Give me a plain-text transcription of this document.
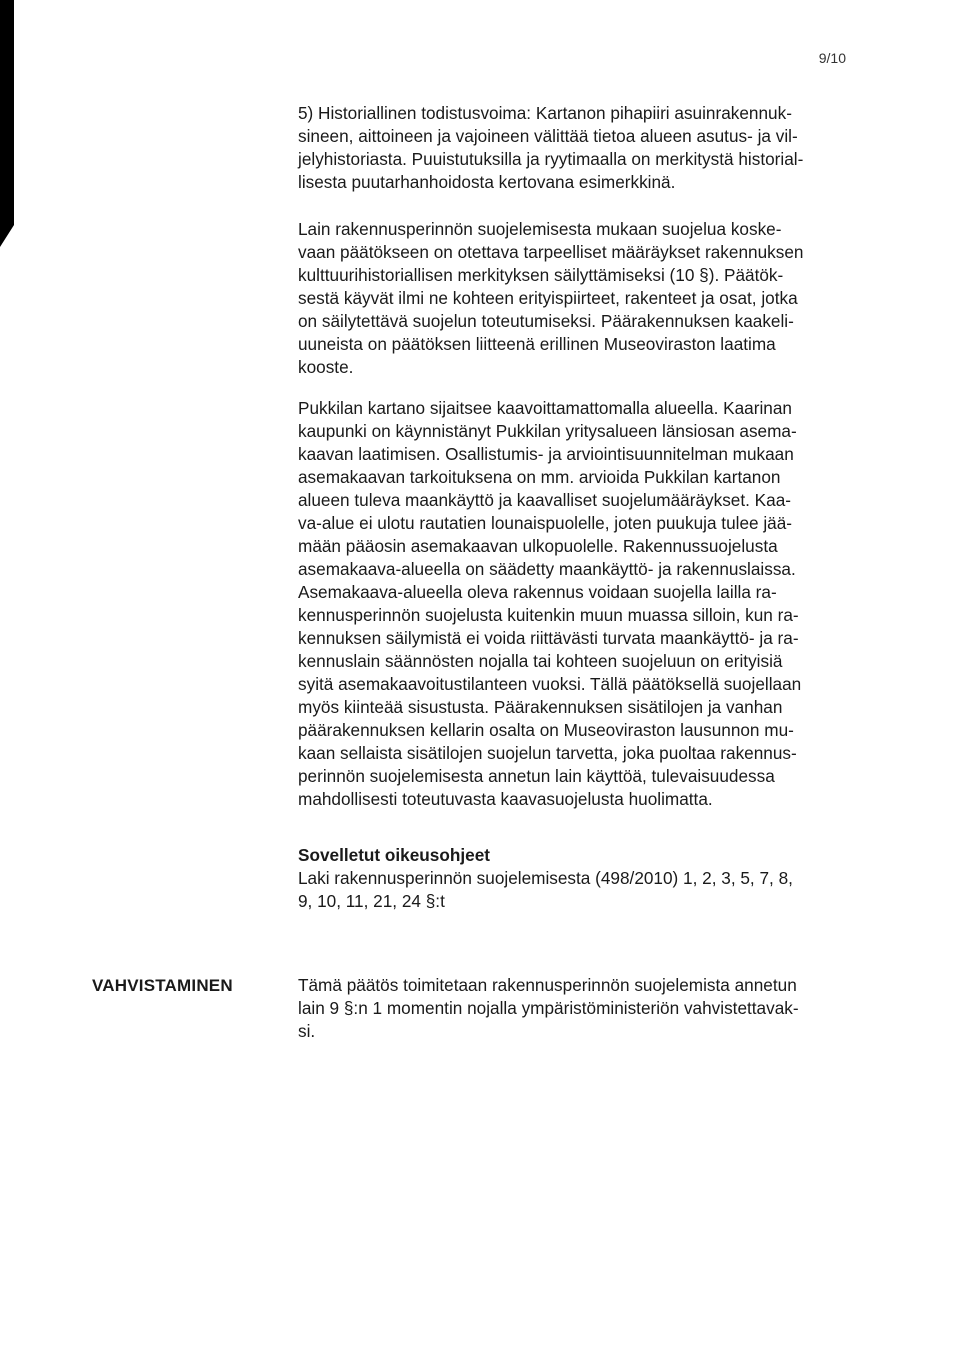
9/10

5) Historiallinen todistusvoima: Kartanon pihapiiri asuinrakennuk-
sineen, aittoineen ja vajoineen välittää tietoa alueen asutus- ja vil-
jelyhistoriasta. Puuistutuksilla ja ryytimaalla on merkitystä historial-
lisesta puutarhanhoidosta kertovana esimerkkinä.

Lain rakennusperinnön suojelemisesta mukaan suojelua koske-
vaan päätökseen on otettava tarpeelliset määräykset rakennuksen
kulttuurihistoriallisen merkityksen säilyttämiseksi (10 §). Päätök-
sestä käyvät ilmi ne kohteen erityispiirteet, rakenteet ja osat, jotka
on säilytettävä suojelun toteutumiseksi. Päärakennuksen kaakeli-
uuneista on päätöksen liitteenä erillinen Museoviraston laatima
kooste.

Pukkilan kartano sijaitsee kaavoittamattomalla alueella. Kaarinan
kaupunki on käynnistänyt Pukkilan yritysalueen länsiosan asema-
kaavan laatimisen. Osallistumis- ja arviointisuunnitelman mukaan
asemakaavan tarkoituksena on mm. arvioida Pukkilan kartanon
alueen tuleva maankäyttö ja kaavalliset suojelumääräykset. Kaa-
va-alue ei ulotu rautatien lounaispuolelle, joten puukuja tulee jää-
mään pääosin asemakaavan ulkopuolelle. Rakennussuojelusta
asemakaava-alueella on säädetty maankäyttö- ja rakennuslaissa.
Asemakaava-alueella oleva rakennus voidaan suojella lailla ra-
kennusperinnön suojelusta kuitenkin muun muassa silloin, kun ra-
kennuksen säilymistä ei voida riittävästi turvata maankäyttö- ja ra-
kennuslain säännösten nojalla tai kohteen suojeluun on erityisiä
syitä asemakaavoitustilanteen vuoksi. Tällä päätöksellä suojellaan
myös kiinteää sisustusta. Päärakennuksen sisätilojen ja vanhan
päärakennuksen kellarin osalta on Museoviraston lausunnon mu-
kaan sellaista sisätilojen suojelun tarvetta, joka puoltaa rakennus-
perinnön suojelemisesta annetun lain käyttöä, tulevaisuudessa
mahdollisesti toteutuvasta kaavasuojelusta huolimatta.

Sovelletut oikeusohjeet
Laki rakennusperinnön suojelemisesta (498/2010) 1, 2, 3, 5, 7, 8,
9, 10, 11, 21, 24 §:t

VAHVISTAMINEN	Tämä päätös toimitetaan rakennusperinnön suojelemista annetun
lain 9 §:n 1 momentin nojalla ympäristöministeriön vahvistettavak-
si.
